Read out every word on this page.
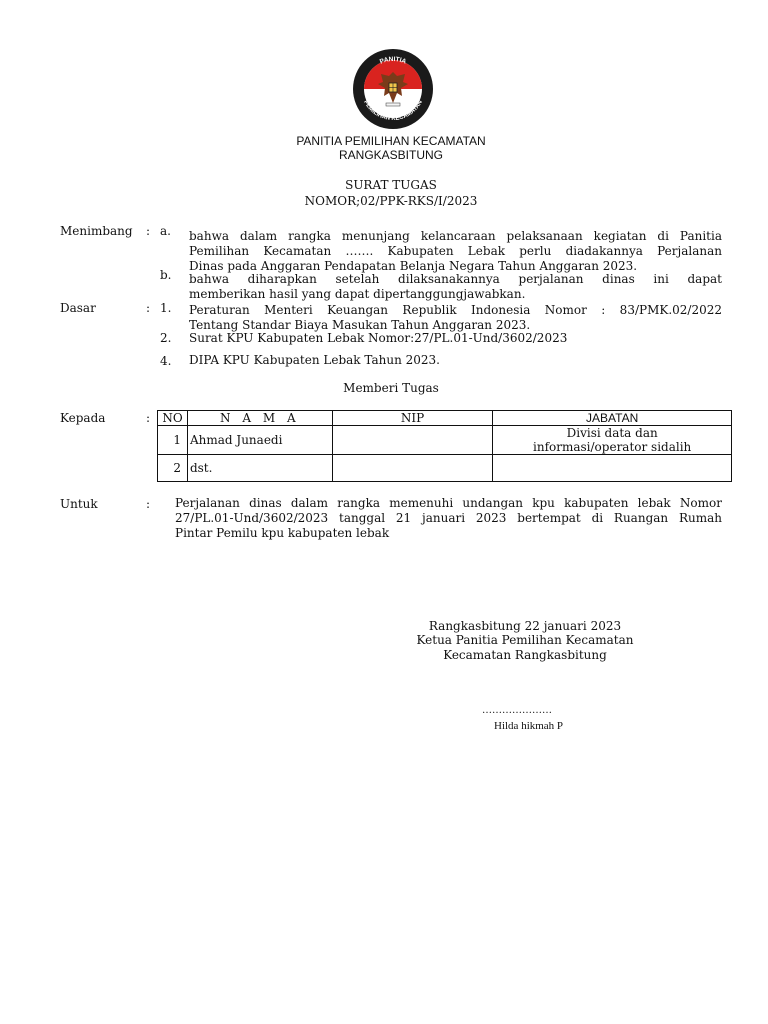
PANITIA
PEMILIHAN KECAMATAN
PANITIA PEMILIHAN KECAMATAN
RANGKASBITUNG
SURAT TUGAS
NOMOR;02/PPK-RKS/I/2023
Menimbang : a. bahwa dalam rangka menunjang kelancaraan pelaksanaan kegiatan di Panitia
Pemilihan Kecamatan ……. Kabupaten Lebak perlu diadakannya Perjalanan
Dinas pada Anggaran Pendapatan Belanja Negara Tahun Anggaran 2023.
b. bahwa diharapkan setelah dilaksanakannya perjalanan dinas ini dapat
memberikan hasil yang dapat dipertanggungjawabkan.
Dasar	: 1. Peraturan Menteri Keuangan Republik Indonesia Nomor : 83/PMK.02/2022
Tentang Standar Biaya Masukan Tahun Anggaran 2023.
2. Surat KPU Kabupaten Lebak Nomor:27/PL.01-Und/3602/2023
4. DIPA KPU Kabupaten Lebak Tahun 2023.
Memberi Tugas
Kepada	: NO	N A M A	NIP	JABATAN
1	Ahmad Junaedi		Divisi data dan
informasi/operator sidalih

2	dst.		
Untuk	: Perjalanan dinas dalam rangka memenuhi undangan kpu kabupaten lebak Nomor
27/PL.01-Und/3602/2023 tanggal 21 januari 2023 bertempat di Ruangan Rumah
Pintar Pemilu kpu kabupaten lebak
Rangkasbitung 22 januari 2023
Ketua Panitia Pemilihan Kecamatan
Kecamatan Rangkasbitung
…………………
Hilda hikmah P
